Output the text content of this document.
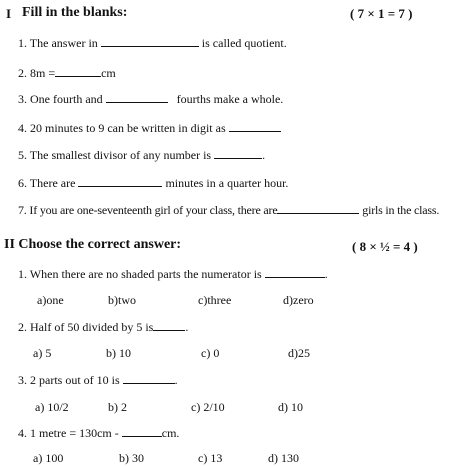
I Fill in the blanks:	( 7 × 1 = 7 )
1. The answer in	is called quotient.
2. 8m =	cm
3. One fourth and	fourths make a whole.
4. 20 minutes to 9 can be written in digit as
5. The smallest divisor of any number is	.
6. There are	minutes in a quarter hour.
7. If you are one-seventeenth girl of your class, there are	girls in the class.
II Choose the correct answer:	( 8 × ½ = 4 )
1. When there are no shaded parts the numerator is	.
a)one	b)two	c)three	d)zero
2. Half of 50 divided by 5 is	.
a) 5	b) 10	c) 0	d)25
3. 2 parts out of 10 is	.
a) 10/2	b) 2	c) 2/10	d) 10
4. 1 metre = 130cm -	cm.
a) 100	b) 30	c) 13	d) 130
